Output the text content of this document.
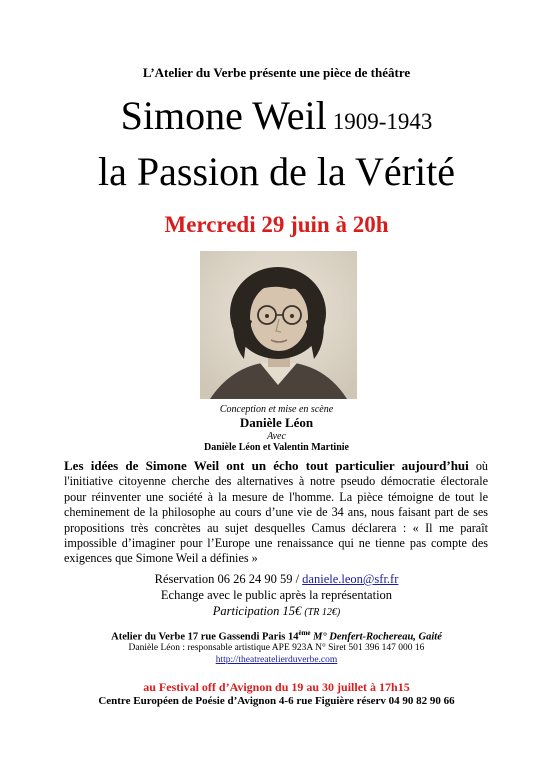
L’Atelier du Verbe présente une pièce de théâtre
Simone Weil 1909-1943
la Passion de la Vérité
Mercredi 29 juin à 20h
Conception et mise en scène
Danièle Léon
Avec
Danièle Léon et Valentin Martinie
Les idées de Simone Weil ont un écho tout particulier aujourd’hui où l'initiative citoyenne cherche des alternatives à notre pseudo démocratie électorale pour réinventer une société à la mesure de l'homme. La pièce témoigne de tout le cheminement de la philosophe au cours d’une vie de 34 ans, nous faisant part de ses propositions très concrètes au sujet desquelles Camus déclarera : « Il me paraît impossible d’imaginer pour l’Europe une renaissance qui ne tienne pas compte des exigences que Simone Weil a définies »
Réservation 06 26 24 90 59 / daniele.leon@sfr.fr
Echange avec le public après la représentation
Participation 15€ (TR 12€)
Atelier du Verbe 17 rue Gassendi Paris 14ème M° Denfert-Rochereau, Gaité
Danièle Léon : responsable artistique APE 923A N° Siret 501 396 147 000 16
http://theatreatelierduverbe.com
au Festival off d’Avignon du 19 au 30 juillet à 17h15
Centre Européen de Poésie d’Avignon 4-6 rue Figuière réserv 04 90 82 90 66
